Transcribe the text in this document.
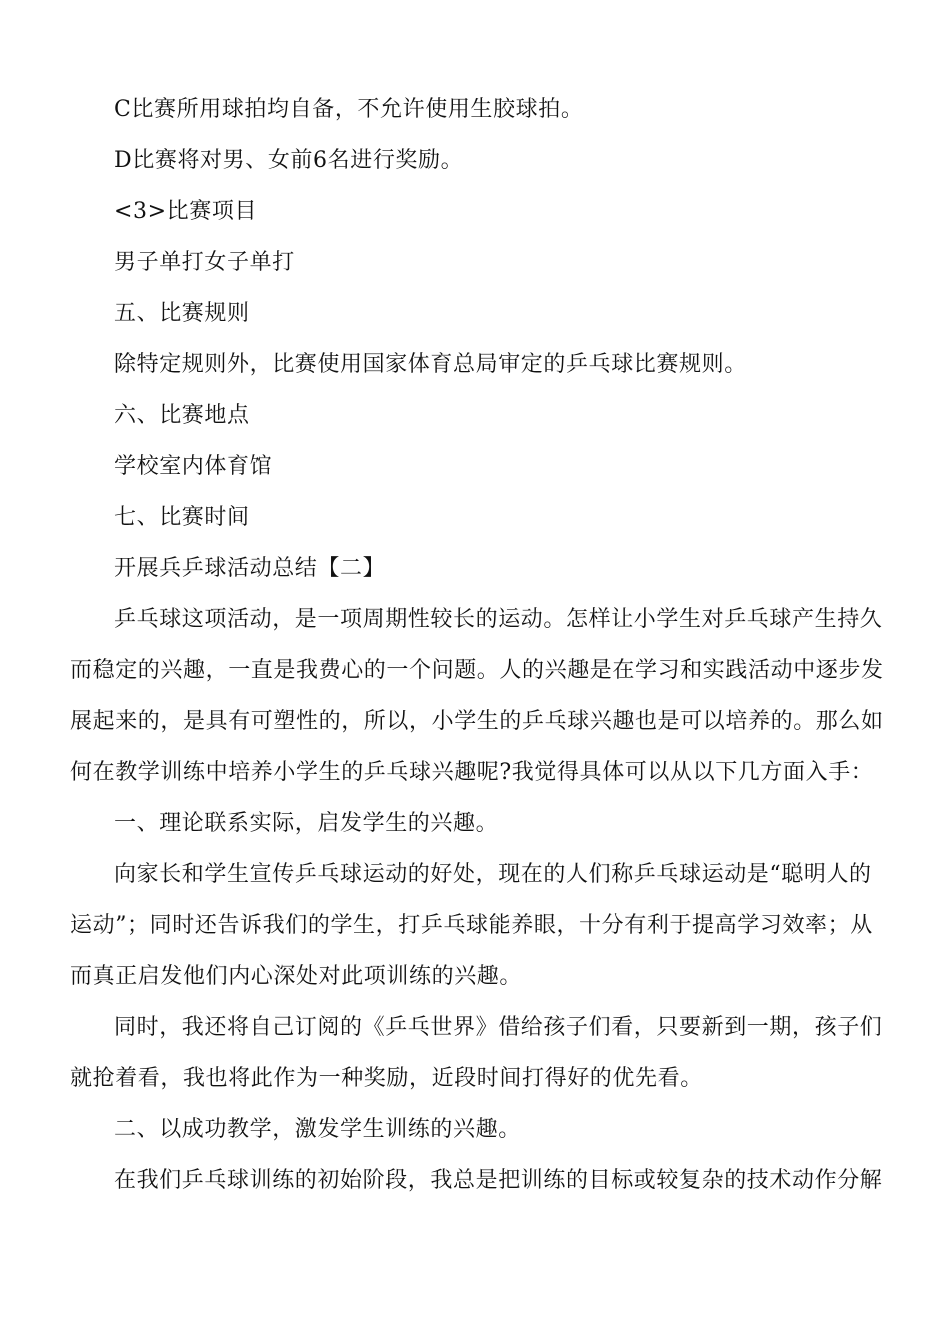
C比赛所用球拍均自备，不允许使用生胶球拍。
D比赛将对男、女前6名进行奖励。
<3>比赛项目
男子单打女子单打
五、比赛规则
除特定规则外，比赛使用国家体育总局审定的乒乓球比赛规则。
六、比赛地点
学校室内体育馆
七、比赛时间
开展兵乒球活动总结【二】
乒乓球这项活动，是一项周期性较长的运动。怎样让小学生对乒乓球产生持久
而稳定的兴趣，一直是我费心的一个问题。人的兴趣是在学习和实践活动中逐步发
展起来的，是具有可塑性的，所以，小学生的乒乓球兴趣也是可以培养的。那么如
何在教学训练中培养小学生的乒乓球兴趣呢?我觉得具体可以从以下几方面入手：
一、理论联系实际，启发学生的兴趣。
向家长和学生宣传乒乓球运动的好处，现在的人们称乒乓球运动是“聪明人的
运动”；同时还告诉我们的学生，打乒乓球能养眼，十分有利于提高学习效率；从
而真正启发他们内心深处对此项训练的兴趣。
同时，我还将自己订阅的《乒乓世界》借给孩子们看，只要新到一期，孩子们
就抢着看，我也将此作为一种奖励，近段时间打得好的优先看。
二、以成功教学，激发学生训练的兴趣。
在我们乒乓球训练的初始阶段，我总是把训练的目标或较复杂的技术动作分解
